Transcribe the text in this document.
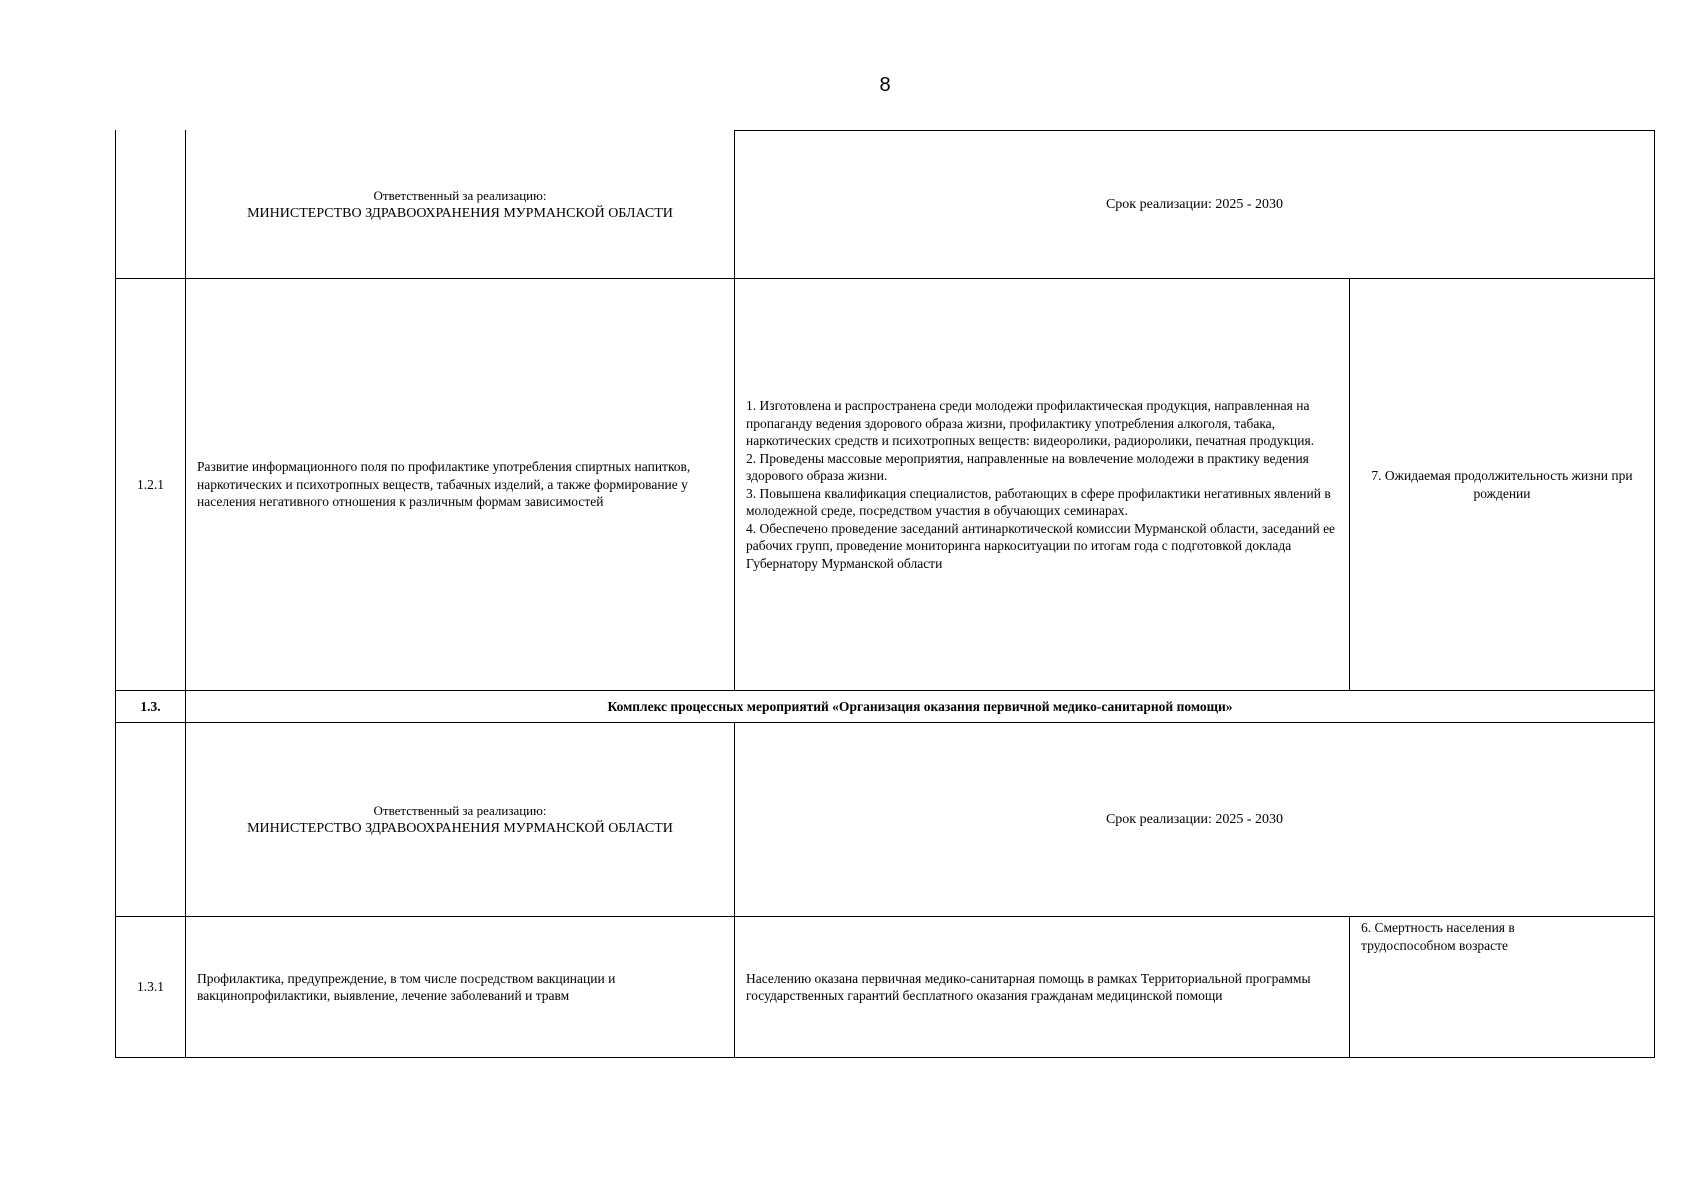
8
Ответственный за реализацию:
МИНИСТЕРСТВО ЗДРАВООХРАНЕНИЯ МУРМАНСКОЙ ОБЛАСТИ
Срок реализации: 2025 - 2030
1.2.1
Развитие информационного поля по профилактике употребления спиртных напитков, наркотических и психотропных веществ, табачных изделий, а также формирование у населения негативного отношения к различным формам зависимостей
1. Изготовлена и распространена среди молодежи профилактическая продукция, направленная на пропаганду ведения здорового образа жизни, профилактику употребления алкоголя, табака, наркотических средств и психотропных веществ: видеоролики, радиоролики, печатная продукция.
2. Проведены массовые мероприятия, направленные на вовлечение молодежи в практику ведения здорового образа жизни.
3. Повышена квалификация специалистов, работающих в сфере профилактики негативных явлений в молодежной среде, посредством участия в обучающих семинарах.
4. Обеспечено проведение заседаний антинаркотической комиссии Мурманской области, заседаний ее рабочих групп, проведение мониторинга наркоситуации по итогам года с подготовкой доклада Губернатору Мурманской области
7. Ожидаемая продолжительность жизни при рождении
1.3.	Комплекс процессных мероприятий «Организация оказания первичной медико-санитарной помощи»
Ответственный за реализацию:
МИНИСТЕРСТВО ЗДРАВООХРАНЕНИЯ МУРМАНСКОЙ ОБЛАСТИ
Срок реализации: 2025 - 2030
1.3.1
Профилактика, предупреждение, в том числе посредством вакцинации и вакцинопрофилактики, выявление, лечение заболеваний и травм
Населению оказана первичная медико-санитарная помощь в рамках Территориальной программы государственных гарантий бесплатного оказания гражданам медицинской помощи
6. Смертность населения в трудоспособном возрасте
